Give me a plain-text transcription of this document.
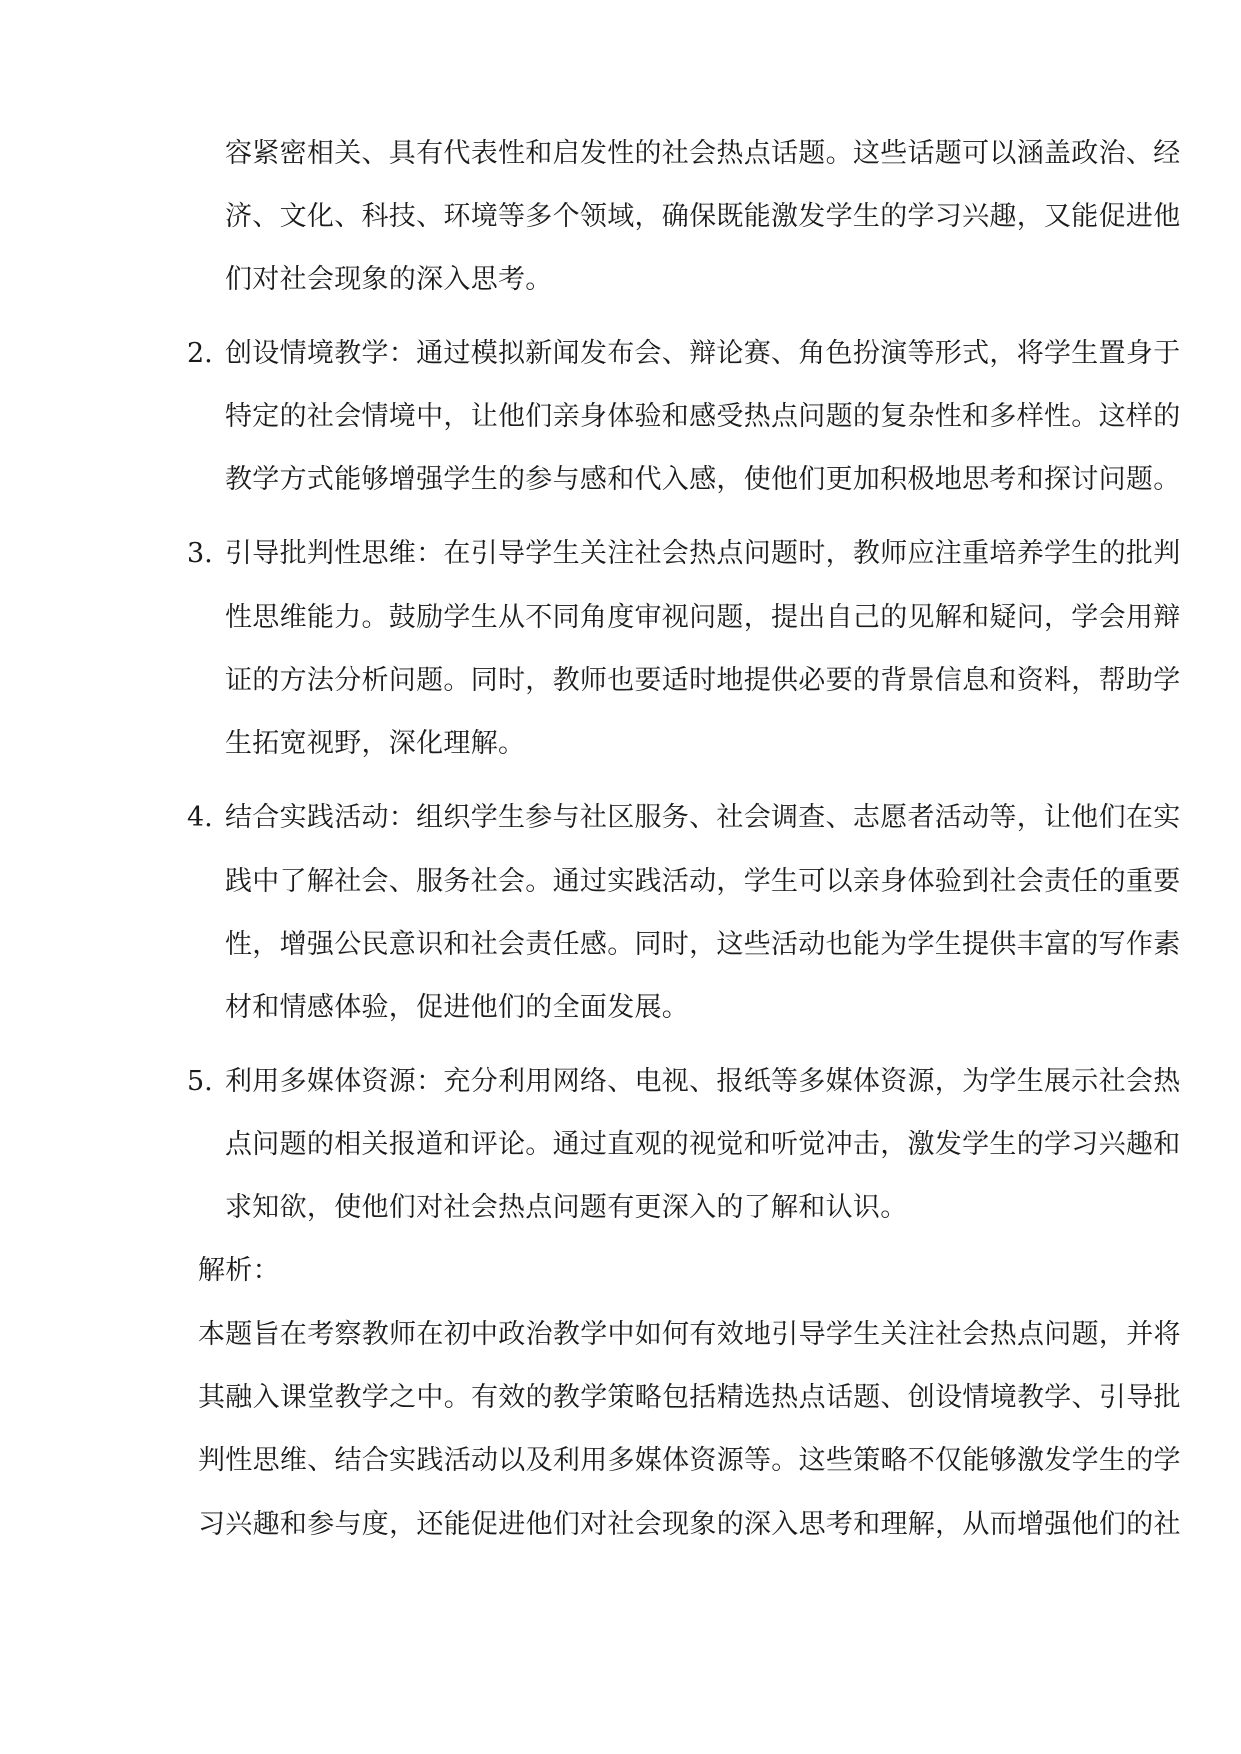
容紧密相关、具有代表性和启发性的社会热点话题。这些话题可以涵盖政治、经
济、文化、科技、环境等多个领域，确保既能激发学生的学习兴趣，又能促进他
们对社会现象的深入思考。
2. 创设情境教学：通过模拟新闻发布会、辩论赛、角色扮演等形式，将学生置身于
特定的社会情境中，让他们亲身体验和感受热点问题的复杂性和多样性。这样的
教学方式能够增强学生的参与感和代入感，使他们更加积极地思考和探讨问题。
3. 引导批判性思维：在引导学生关注社会热点问题时，教师应注重培养学生的批判
性思维能力。鼓励学生从不同角度审视问题，提出自己的见解和疑问，学会用辩
证的方法分析问题。同时，教师也要适时地提供必要的背景信息和资料，帮助学
生拓宽视野，深化理解。
4. 结合实践活动：组织学生参与社区服务、社会调查、志愿者活动等，让他们在实
践中了解社会、服务社会。通过实践活动，学生可以亲身体验到社会责任的重要
性，增强公民意识和社会责任感。同时，这些活动也能为学生提供丰富的写作素
材和情感体验，促进他们的全面发展。
5. 利用多媒体资源：充分利用网络、电视、报纸等多媒体资源，为学生展示社会热
点问题的相关报道和评论。通过直观的视觉和听觉冲击，激发学生的学习兴趣和
求知欲，使他们对社会热点问题有更深入的了解和认识。
解析：
本题旨在考察教师在初中政治教学中如何有效地引导学生关注社会热点问题，并将
其融入课堂教学之中。有效的教学策略包括精选热点话题、创设情境教学、引导批
判性思维、结合实践活动以及利用多媒体资源等。这些策略不仅能够激发学生的学
习兴趣和参与度，还能促进他们对社会现象的深入思考和理解，从而增强他们的社
